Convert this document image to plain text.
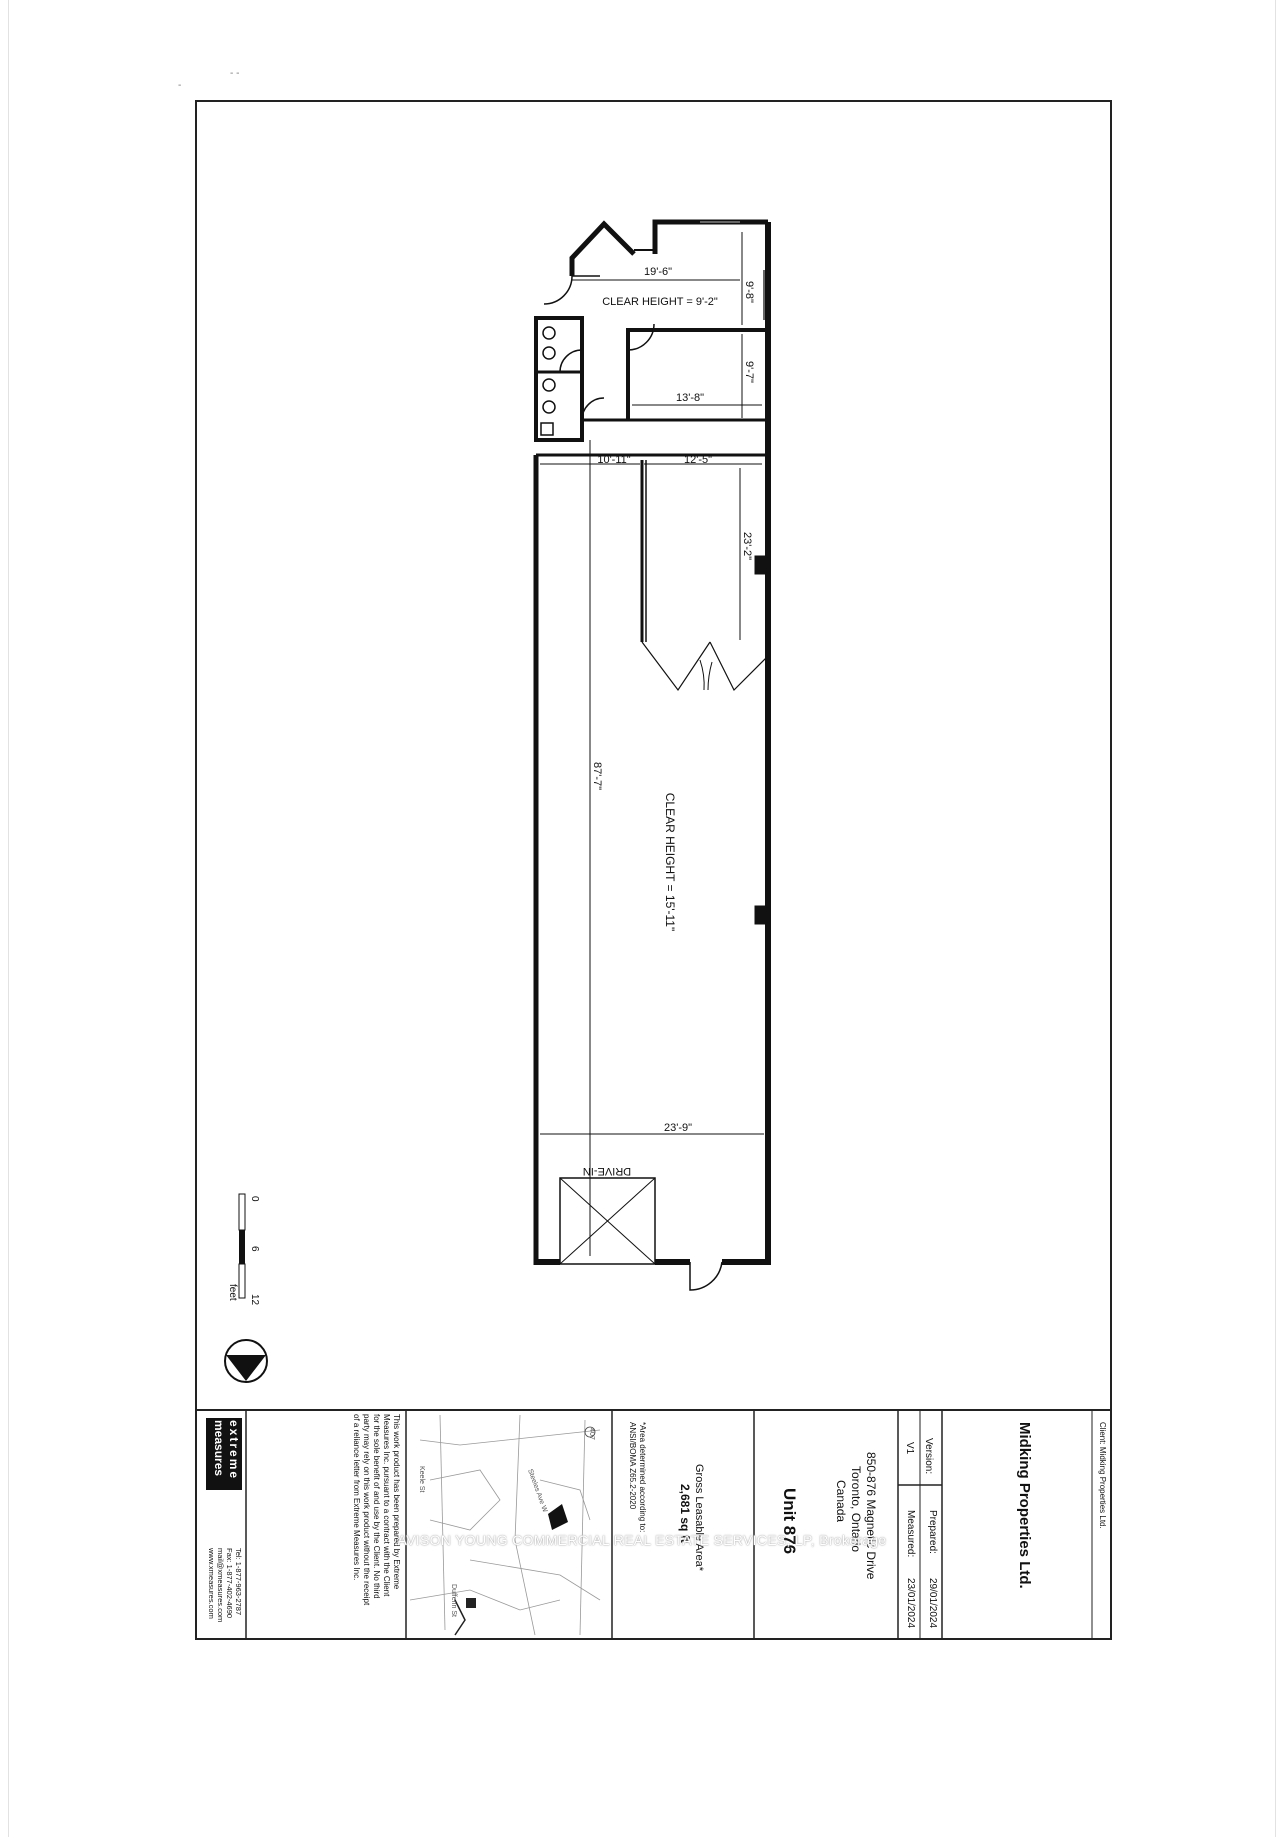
-
- -
19'-6"
CLEAR HEIGHT = 9'-2" 9'-8"
9'-7"
13'-8"
10'-11"	12'-5"
23'-2"
87'-7"
CLEAR HEIGHT = 15'-11"
23'-9"
DRIVE-IN
0
6
12
feet
Client: Midking Properties Ltd.
Midking Properties Ltd.
Version:
V1
Prepared:
29/01/2024
Measured:
23/01/2024
850-876 Magnetic Drive
Toronto, Ontario
Canada
Unit 876
Gross Leasable Area*
2,681 sq ft
*Area determined according to:
ANSI/BOMA Z65.2-2020
Keele St	Steeles Ave W
Dufferin St
407
This work product has been prepared by Extreme
Measures Inc. pursuant to a contract with the Client
for the sole benefit of and use by the Client. No third
party may rely on this work product without the receipt
of a reliance letter from Extreme Measures Inc.
extreme
measures
Tel: 1-877-963-2787
Fax: 1-877-402-4690
mail@xmeasures.com
www.xmeasures.com
AVISON YOUNG COMMERCIAL REAL ESTATE SERVICES, LP, Brokerage
